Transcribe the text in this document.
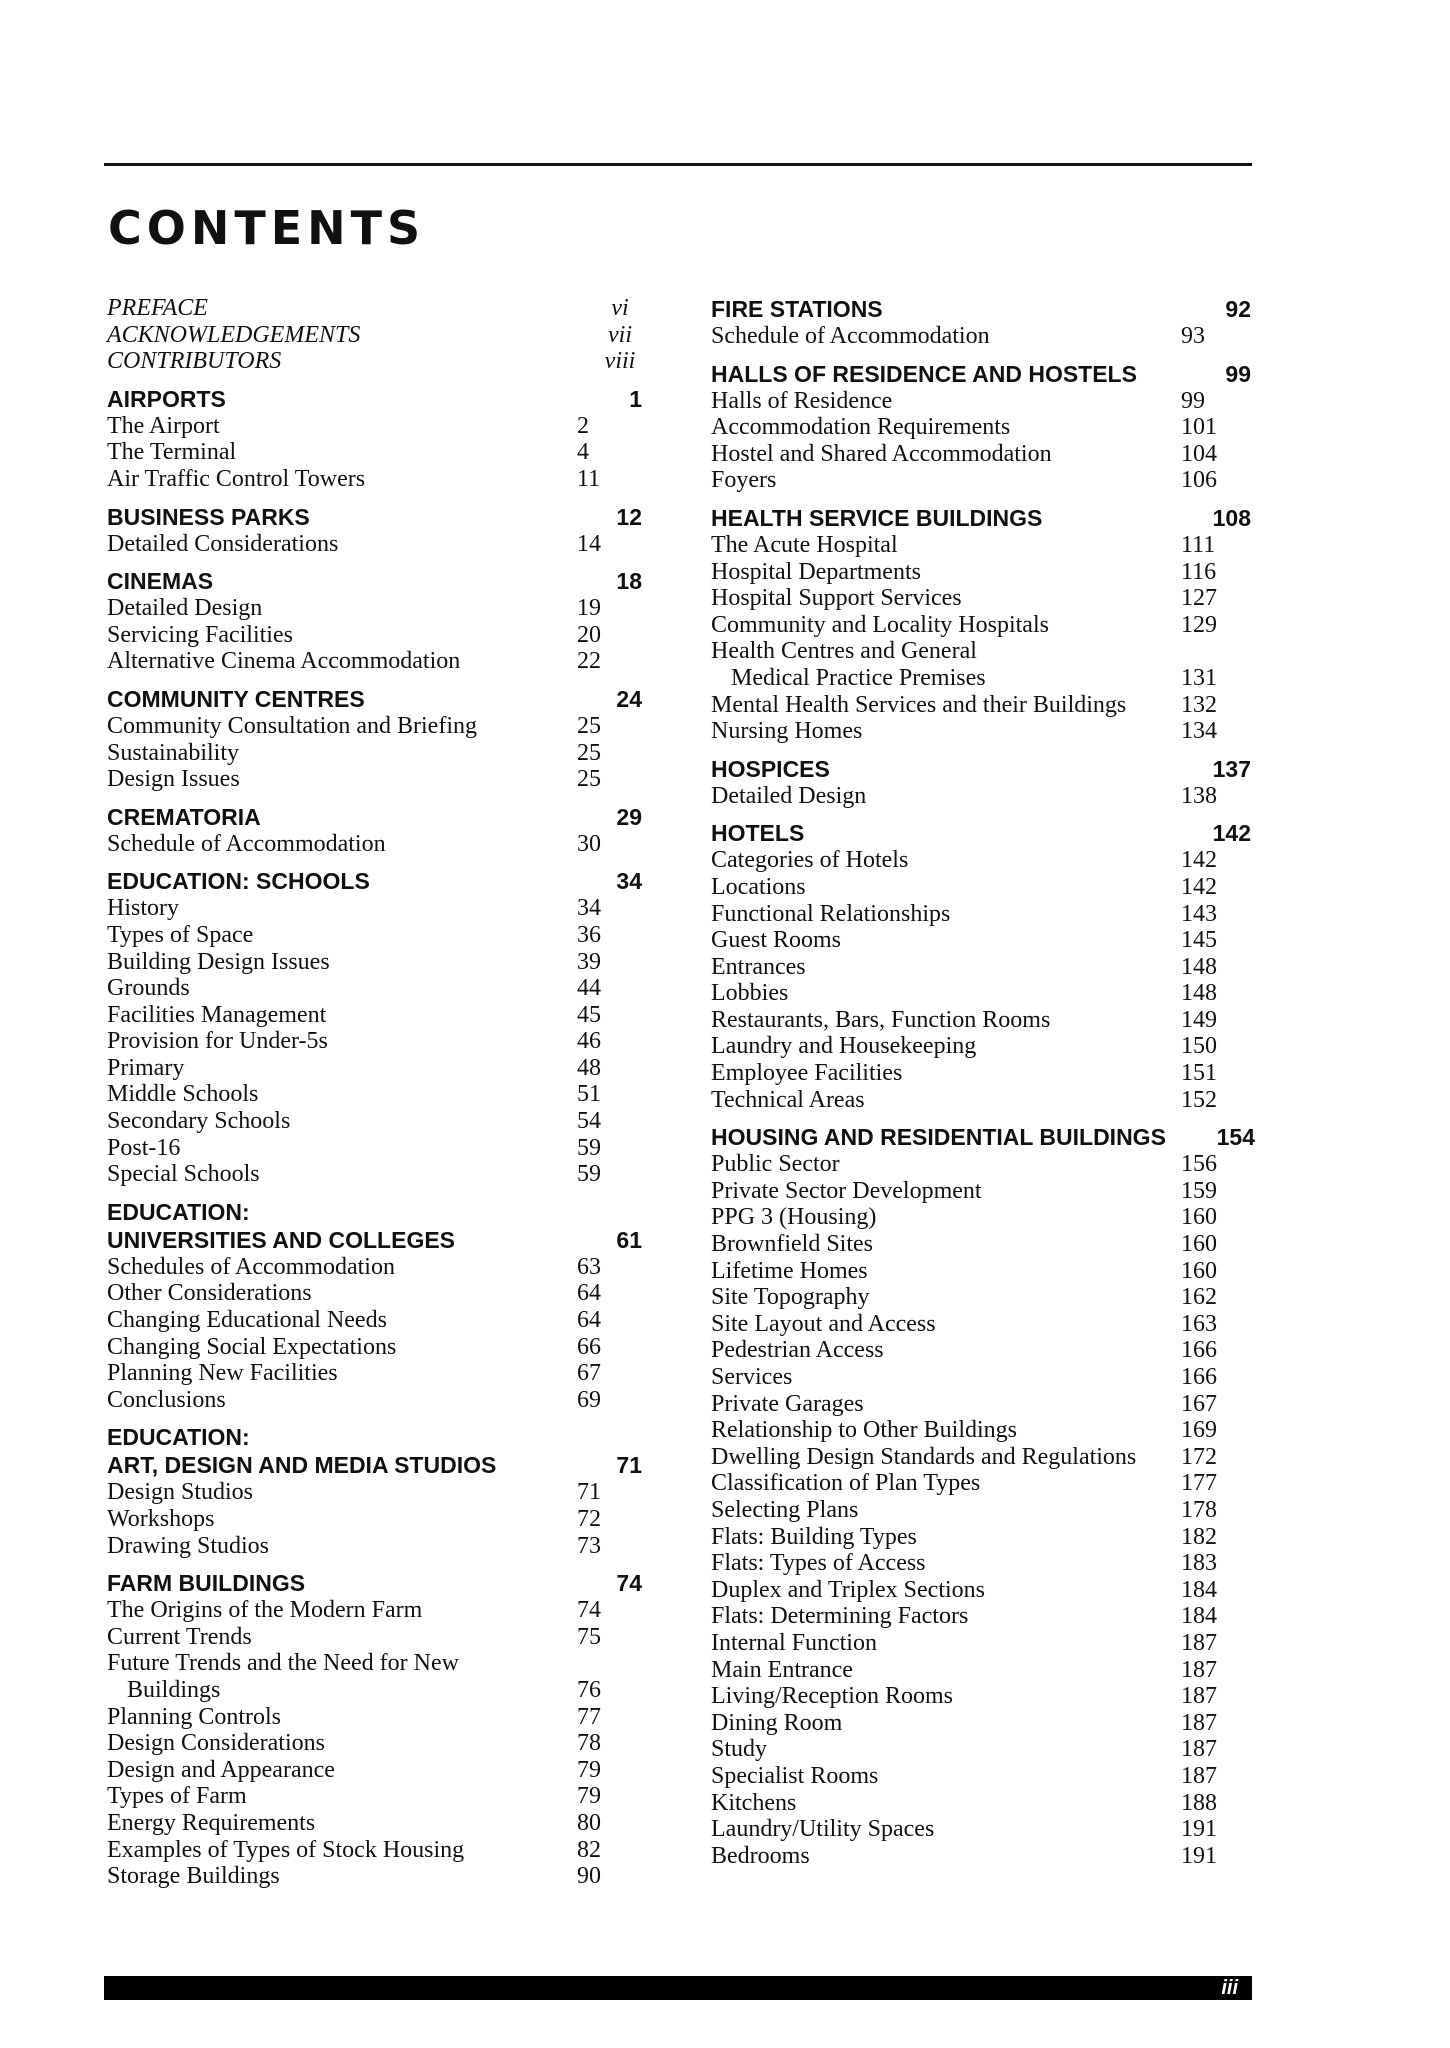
CONTENTS
PREFACE	vi
ACKNOWLEDGEMENTS	vii
CONTRIBUTORS	viii
AIRPORTS	1
The Airport	2
The Terminal	4
Air Traffic Control Towers	11
BUSINESS PARKS	12
Detailed Considerations	14
CINEMAS	18
Detailed Design	19
Servicing Facilities	20
Alternative Cinema Accommodation	22
COMMUNITY CENTRES	24
Community Consultation and Briefing	25
Sustainability	25
Design Issues	25
CREMATORIA	29
Schedule of Accommodation	30
EDUCATION: SCHOOLS	34
History	34
Types of Space	36
Building Design Issues	39
Grounds	44
Facilities Management	45
Provision for Under-5s	46
Primary	48
Middle Schools	51
Secondary Schools	54
Post-16	59
Special Schools	59
EDUCATION:
UNIVERSITIES AND COLLEGES	61
Schedules of Accommodation	63
Other Considerations	64
Changing Educational Needs	64
Changing Social Expectations	66
Planning New Facilities	67
Conclusions	69
EDUCATION:
ART, DESIGN AND MEDIA STUDIOS	71
Design Studios	71
Workshops	72
Drawing Studios	73
FARM BUILDINGS	74
The Origins of the Modern Farm	74
Current Trends	75
Future Trends and the Need for New
Buildings	76
Planning Controls	77
Design Considerations	78
Design and Appearance	79
Types of Farm	79
Energy Requirements	80
Examples of Types of Stock Housing	82
Storage Buildings	90
FIRE STATIONS	92
Schedule of Accommodation	93
HALLS OF RESIDENCE AND HOSTELS	99
Halls of Residence	99
Accommodation Requirements	101
Hostel and Shared Accommodation	104
Foyers	106
HEALTH SERVICE BUILDINGS	108
The Acute Hospital	111
Hospital Departments	116
Hospital Support Services	127
Community and Locality Hospitals	129
Health Centres and General
Medical Practice Premises	131
Mental Health Services and their Buildings 132
Nursing Homes	134
HOSPICES	137
Detailed Design	138
HOTELS	142
Categories of Hotels	142
Locations	142
Functional Relationships	143
Guest Rooms	145
Entrances	148
Lobbies	148
Restaurants, Bars, Function Rooms	149
Laundry and Housekeeping	150
Employee Facilities	151
Technical Areas	152
HOUSING AND RESIDENTIAL BUILDINGS 154
Public Sector	156
Private Sector Development	159
PPG 3 (Housing)	160
Brownfield Sites	160
Lifetime Homes	160
Site Topography	162
Site Layout and Access	163
Pedestrian Access	166
Services	166
Private Garages	167
Relationship to Other Buildings	169
Dwelling Design Standards and Regulations 172
Classification of Plan Types	177
Selecting Plans	178
Flats: Building Types	182
Flats: Types of Access	183
Duplex and Triplex Sections	184
Flats: Determining Factors	184
Internal Function	187
Main Entrance	187
Living/Reception Rooms	187
Dining Room	187
Study	187
Specialist Rooms	187
Kitchens	188
Laundry/Utility Spaces	191
Bedrooms	191
iii
